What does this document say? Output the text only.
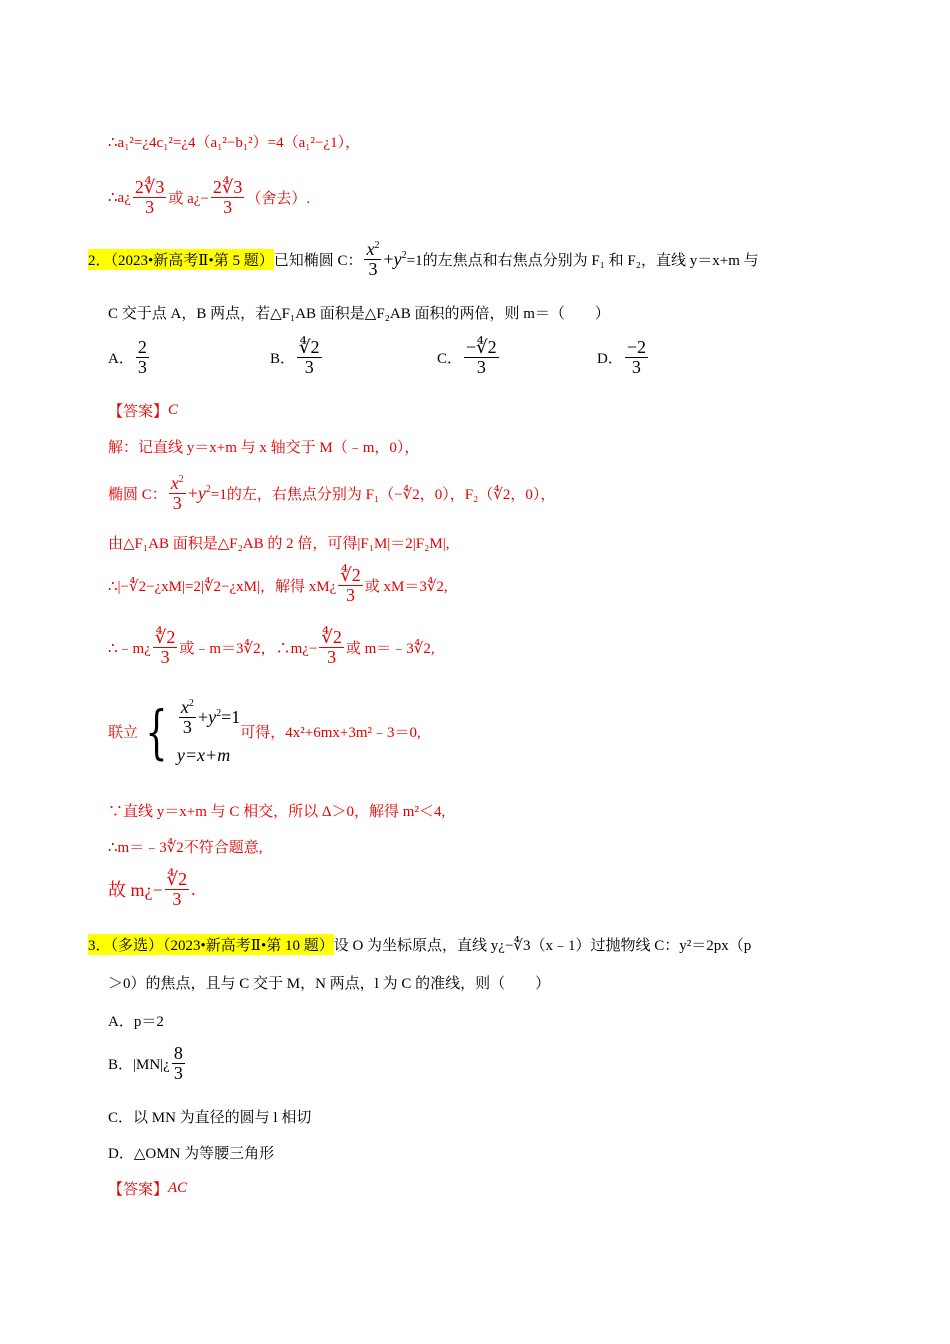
∴a₁²=¿4c₁²=¿4（a₁²−b₁²）=4（a₁²−¿1），
∴a¿ $\frac{2∜3}{3}$ 或 a¿− $\frac{2∜3}{3}$ （舍去）.
2．（2023•新高考Ⅱ•第 5 题） 已知椭圆 C： $\frac{x^2}{3} +y^2 =1$的左焦点和右焦点分别为 F₁ 和 F₂，直线 y＝x+m 与
C 交于点 A，B 两点，若△F₁AB 面积是△F₂AB 面积的两倍，则 m＝（　　）
A． $\frac{2}{3}$	B． $\frac{∜2}{3}$	C． $\frac{-∜2}{3}$	D． $\frac{-2}{3}$
【答案】 C
解：记直线 y＝x+m 与 x 轴交于 M（﹣m，0），
椭圆 C： $\frac{x^2}{3} +y^2 =1$的左，右焦点分别为 F₁（−∜2，0），F₂（∜2，0），
由△F₁AB 面积是△F₂AB 的 2 倍，可得|F₁M|＝2|F₂M|,
∴|−∜2−¿xM|=2|∜2−¿xM|，解得 xM¿ $\frac{∜2}{3}$ 或 xM＝3∜2,
∴﹣m¿ $\frac{∜2}{3}$ 或﹣m＝3∜2，∴m¿− $\frac{∜2}{3}$ 或 m＝﹣3∜2,
联立 { $\frac{x^2}{3} +y^2 =1$
y=x+m
可得，4x²+6mx+3m²﹣3＝0,
∵直线 y＝x+m 与 C 相交，所以 Δ＞0，解得 m²＜4,
∴m＝﹣3∜2不符合题意,
故 m¿− $\frac{∜2}{3}$ .
3．（多选）（2023•新高考Ⅱ•第 10 题） 设 O 为坐标原点，直线 y¿−∜3（x﹣1）过抛物线 C：y²＝2px（p
＞0）的焦点，且与 C 交于 M，N 两点，l 为 C 的准线，则（　　）
A．p＝2
B．|MN|¿ $\frac{8}{3}$
C．以 MN 为直径的圆与 l 相切
D．△OMN 为等腰三角形
【答案】 AC
